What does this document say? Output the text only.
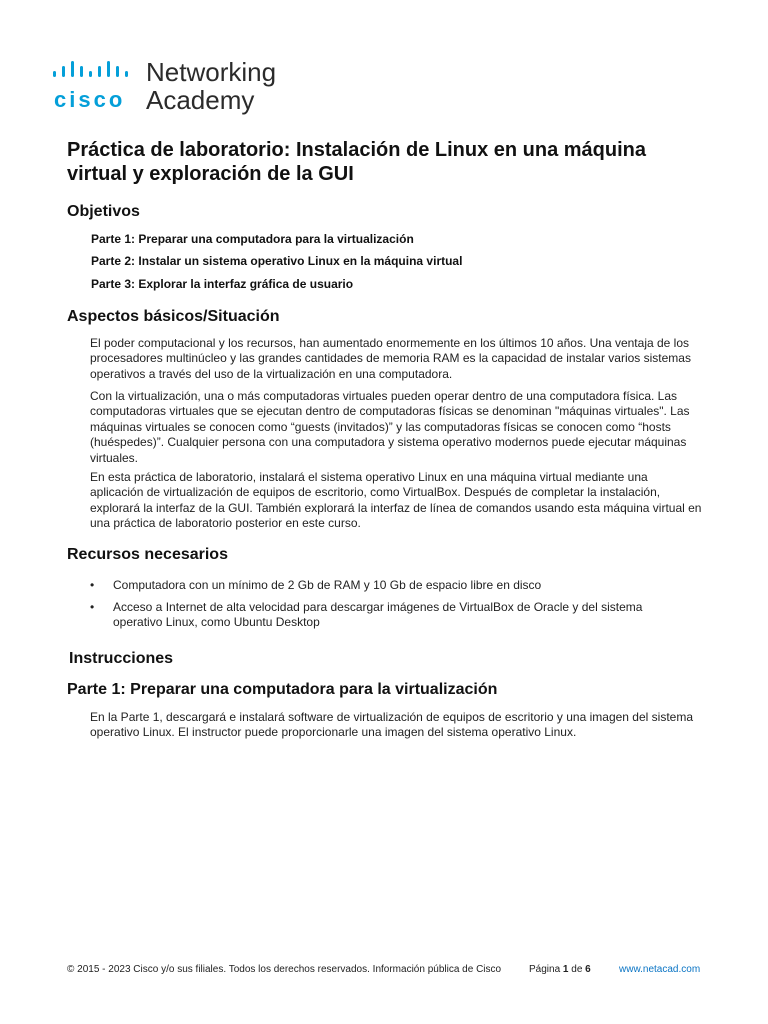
cisco
Networking
Academy
Práctica de laboratorio: Instalación de Linux en una máquina virtual y exploración de la GUI
Objetivos
Parte 1: Preparar una computadora para la virtualización
Parte 2: Instalar un sistema operativo Linux en la máquina virtual
Parte 3: Explorar la interfaz gráfica de usuario
Aspectos básicos/Situación

El poder computacional y los recursos, han aumentado enormemente en los últimos 10 años. Una ventaja de los procesadores multinúcleo y las grandes cantidades de memoria RAM es la capacidad de instalar varios sistemas operativos a través del uso de la virtualización en una computadora.

Con la virtualización, una o más computadoras virtuales pueden operar dentro de una computadora física. Las computadoras virtuales que se ejecutan dentro de computadoras físicas se denominan "máquinas virtuales". Las máquinas virtuales se conocen como “guests (invitados)” y las computadoras físicas se conocen como “hosts (huéspedes)”. Cualquier persona con una computadora y sistema operativo modernos puede ejecutar máquinas virtuales.

En esta práctica de laboratorio, instalará el sistema operativo Linux en una máquina virtual mediante una aplicación de virtualización de equipos de escritorio, como VirtualBox. Después de completar la instalación, explorará la interfaz de la GUI. También explorará la interfaz de línea de comandos usando esta máquina virtual en una práctica de laboratorio posterior en este curso.

Recursos necesarios
• Computadora con un mínimo de 2 Gb de RAM y 10 Gb de espacio libre en disco
• Acceso a Internet de alta velocidad para descargar imágenes de VirtualBox de Oracle y del sistema operativo Linux, como Ubuntu Desktop
Instrucciones
Parte 1: Preparar una computadora para la virtualización

En la Parte 1, descargará e instalará software de virtualización de equipos de escritorio y una imagen del sistema operativo Linux. El instructor puede proporcionarle una imagen del sistema operativo Linux.

© 2015 - 2023 Cisco y/o sus filiales. Todos los derechos reservados. Información pública de Cisco	Página 1 de 6	www.netacad.com
